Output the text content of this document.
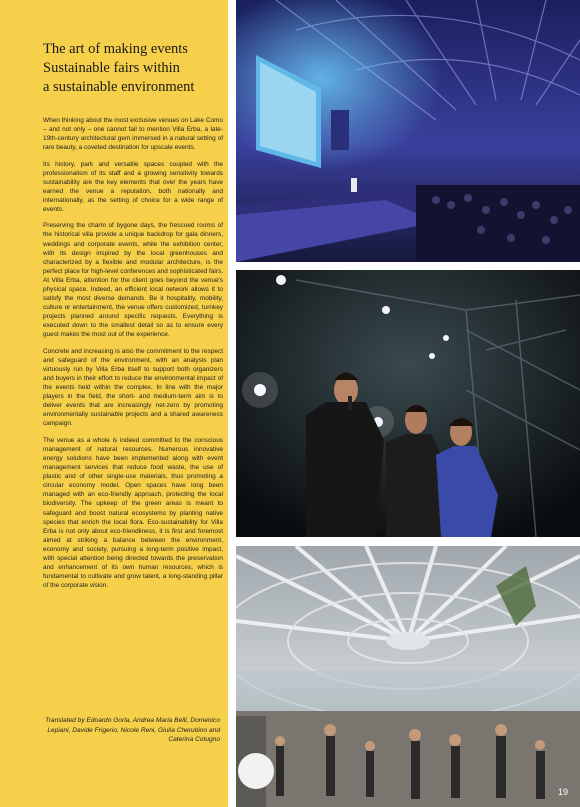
The art of making events
Sustainable fairs within
a sustainable environment

When thinking about the most exclusive venues on Lake Como – and not only – one cannot fail to mention Villa Erba, a late-19th-century architectural gem immersed in a natural setting of rare beauty, a coveted destination for upscale events.

Its history, park and versatile spaces coupled with the professionalism of its staff and a growing sensitivity towards sustainability are the key elements that over the years have earned the venue a reputation, both nationally and internationally, as the setting of choice for a wide range of events.

Preserving the charm of bygone days, the frescoed rooms of the historical villa provide a unique backdrop for gala dinners, weddings and corporate events, while the exhibition center, with its design inspired by the local greenhouses and characterized by a flexible and modular architecture, is the perfect place for high-level conferences and sophisticated fairs. At Villa Erba, attention for the client goes beyond the venue's physical space. Indeed, an efficient local network allows it to satisfy the most diverse demands. Be it hospitality, mobility, culture or entertainment, the venue offers customized, turnkey projects planned around specific requests. Everything is executed down to the smallest detail so as to ensure every guest makes the most out of the experience.

Concrete and increasing is also the commitment to the respect and safeguard of the environment, with an analysis plan virtuously run by Villa Erba itself to support both organizers and buyers in their effort to reduce the environmental impact of the events held within the complex. In line with the major players in the field, the short- and medium-term aim is to deliver events that are increasingly net-zero by promoting environmentally sustainable projects and a shared awareness campaign.

The venue as a whole is indeed committed to the conscious management of natural resources. Numerous innovative energy solutions have been implemented along with event management services that reduce food waste, the use of plastic and of other single-use materials, thus promoting a circular economy model. Open spaces have long been managed with an eco-friendly approach, protecting the local biodiversity. The upkeep of the green areas is meant to safeguard and boost natural ecosystems by planting native species that enrich the local flora. Eco-sustainability for Villa Erba is not only about eco-friendliness, it is first and foremost aimed at striking a balance between the environment, economy and society, pursuing a long-term positive impact, with special attention being directed towards the preservation and enhancement of its own human resources, which is fundamental to cultivate and grow talent, a long-standing pillar of the corporate vision.

Translated by Edoardo Gorla, Andrea Maria Belli, Domenico Lepiani, Davide Frigerio, Nicole Reni, Giulia Cherubino and Caterina Cotugno
19
